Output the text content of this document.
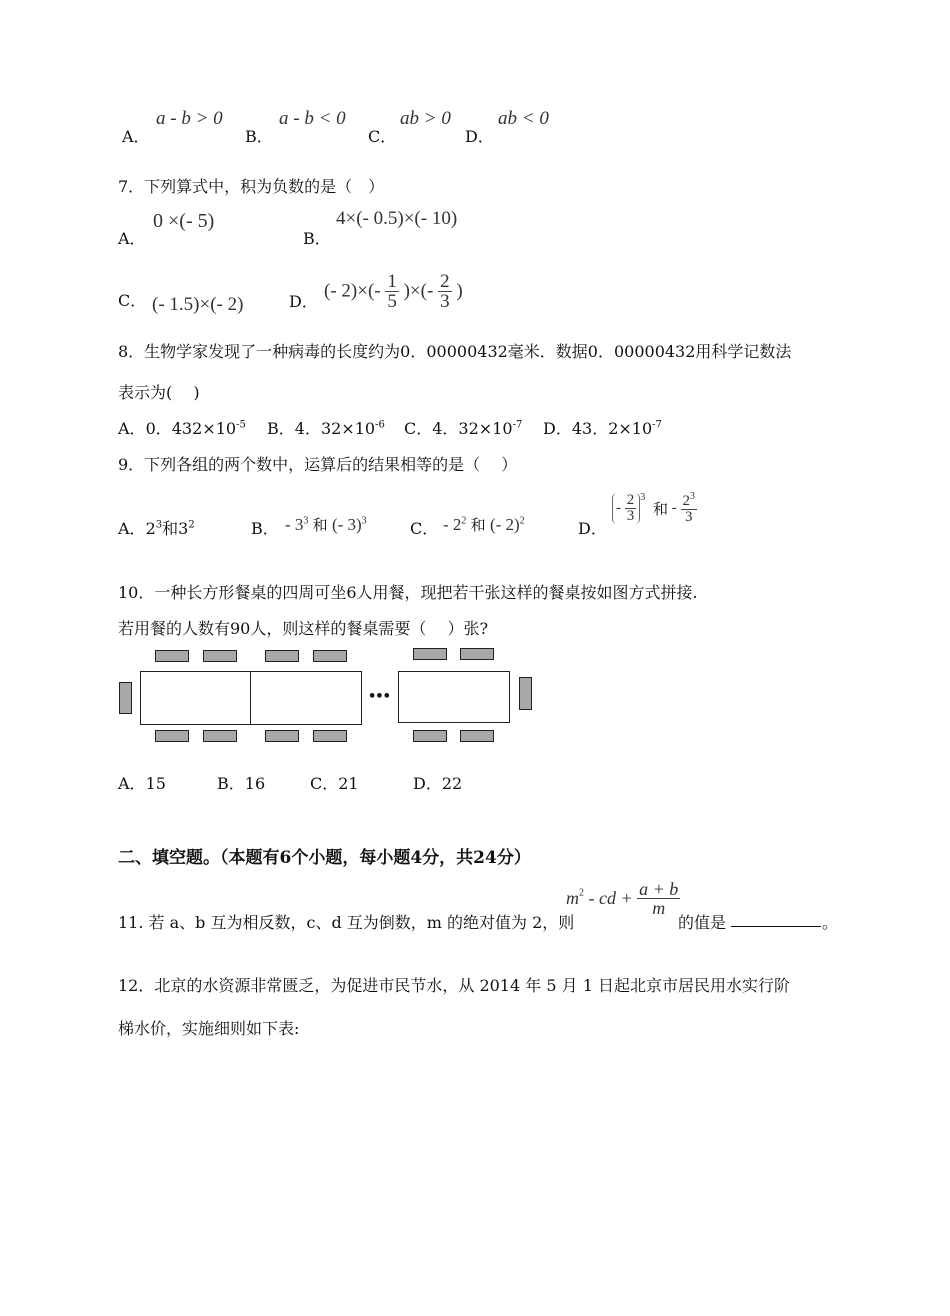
A．
a - b > 0
B．
a - b < 0
C．
ab > 0
D．
ab < 0
7．下列算式中，积为负数的是（　）
A．
0 ×(- 5)
B．
4×(- 0.5)×(- 10)
C． (- 1.5)×(- 2)	D． (- $2)\times(- \frac{1}{5}$ )×(- $\frac{2}{3}$ )
8．生物学家发现了一种病毒的长度约为0．00000432毫米．数据0．00000432用科学记数法
表示为(　 )
A．0．$432\times 10^{-5}$ B．4．$32\times 10^{-6}$ C．4．$32\times 10^{-7}$ D．43．$2\times 10^{-7}$
9．下列各组的两个数中，运算后的结果相等的是（　 ）
A．$2^3$和$3^2$	B． - $3^3$ 和 (- 3)$^3$	C． - $2^2$ 和 (- 2)$^2$	D．
- $\frac{2}{3} ^3$ 和 - $\frac{2^3}{3}$
10．一种长方形餐桌的四周可坐6人用餐，现把若干张这样的餐桌按如图方式拼接.
若用餐的人数有90人，则这样的餐桌需要（　 ）张?
•••
A．15	B．16	C．21	D．22
二、填空题。（本题有6个小题，每小题4分，共24分）
11. 若 a、b 互为相反数，c、d 互为倒数，m 的绝对值为 2，则
$m^2$ - cd + $\frac{a + b}{m}$
的值是	。
12．北京的水资源非常匮乏，为促进市民节水，从 2014 年 5 月 1 日起北京市居民用水实行阶
梯水价，实施细则如下表:
